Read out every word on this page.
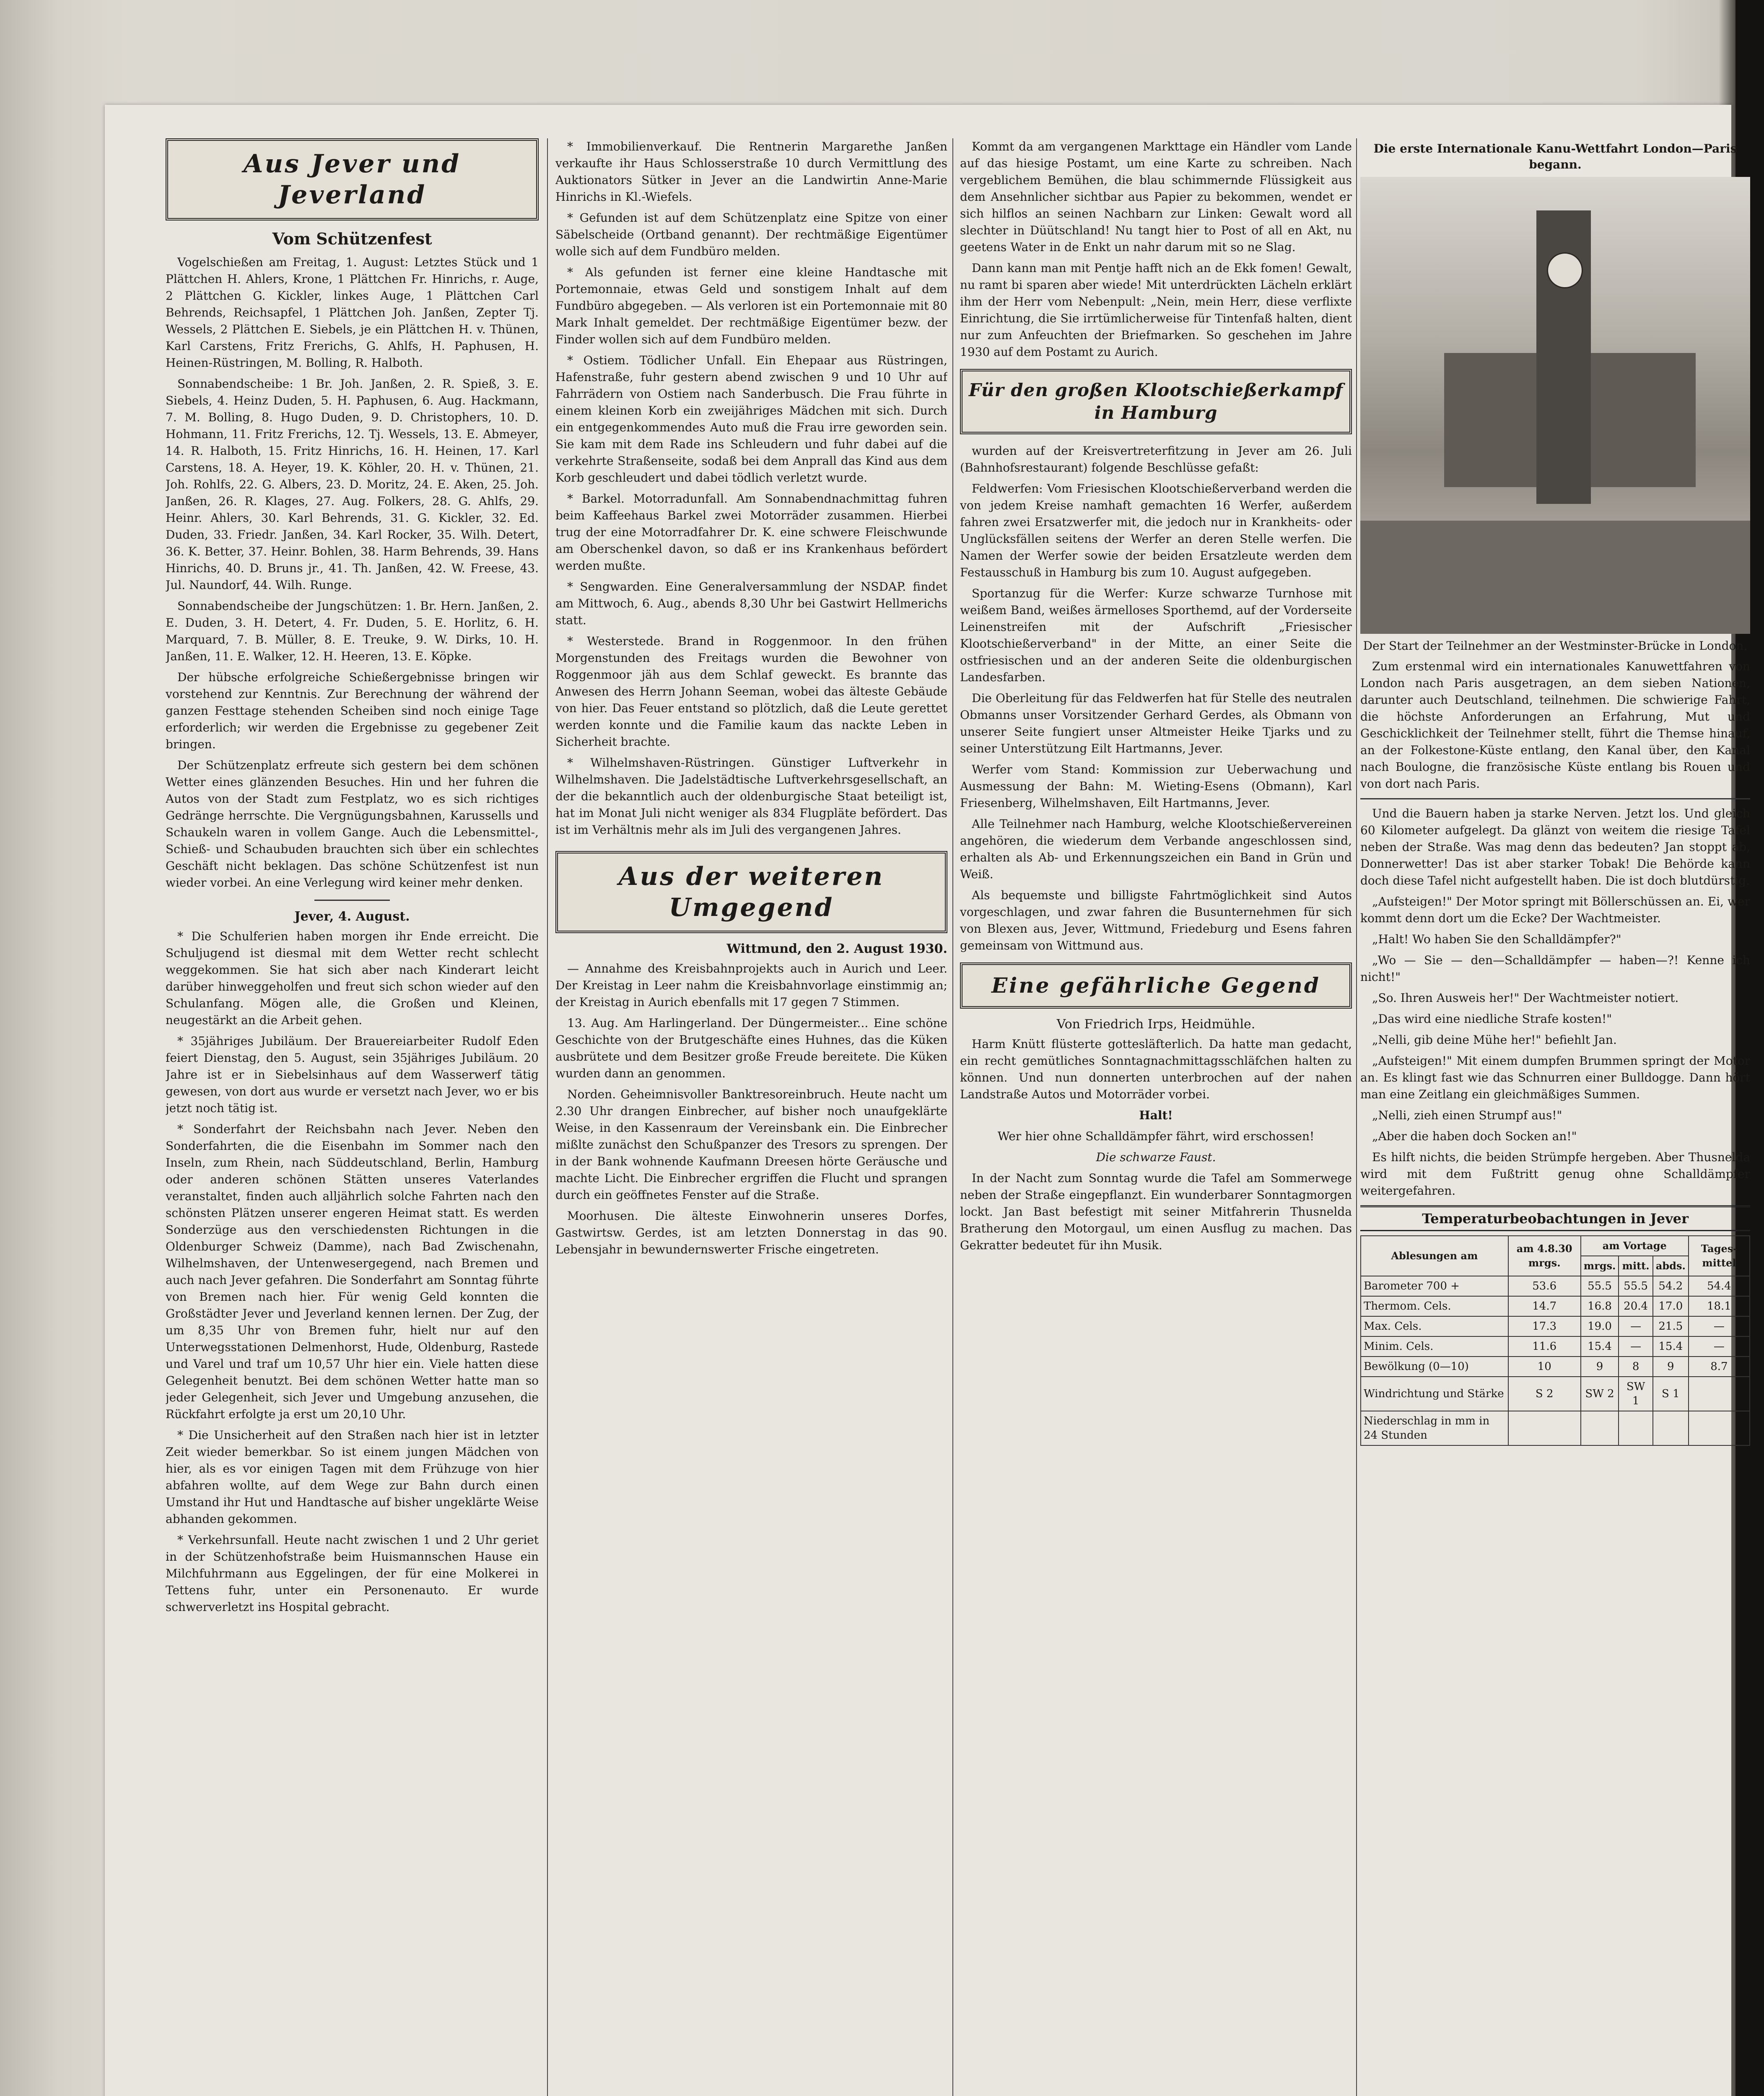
Aus Jever und Jeverland
Vom Schützenfest

Vogelschießen am Freitag, 1. August: Letztes Stück und 1 Plättchen H. Ahlers, Krone, 1 Plättchen Fr. Hinrichs, r. Auge, 2 Plättchen G. Kickler, linkes Auge, 1 Plättchen Carl Behrends, Reichsapfel, 1 Plättchen Joh. Janßen, Zepter Tj. Wessels, 2 Plättchen E. Siebels, je ein Plättchen H. v. Thünen, Karl Carstens, Fritz Frerichs, G. Ahlfs, H. Paphusen, H. Heinen-Rüstringen, M. Bolling, R. Halboth.

Sonnabendscheibe: 1 Br. Joh. Janßen, 2. R. Spieß, 3. E. Siebels, 4. Heinz Duden, 5. H. Paphusen, 6. Aug. Hackmann, 7. M. Bolling, 8. Hugo Duden, 9. D. Christophers, 10. D. Hohmann, 11. Fritz Frerichs, 12. Tj. Wessels, 13. E. Abmeyer, 14. R. Halboth, 15. Fritz Hinrichs, 16. H. Heinen, 17. Karl Carstens, 18. A. Heyer, 19. K. Köhler, 20. H. v. Thünen, 21. Joh. Rohlfs, 22. G. Albers, 23. D. Moritz, 24. E. Aken, 25. Joh. Janßen, 26. R. Klages, 27. Aug. Folkers, 28. G. Ahlfs, 29. Heinr. Ahlers, 30. Karl Behrends, 31. G. Kickler, 32. Ed. Duden, 33. Friedr. Janßen, 34. Karl Rocker, 35. Wilh. Detert, 36. K. Better, 37. Heinr. Bohlen, 38. Harm Behrends, 39. Hans Hinrichs, 40. D. Bruns jr., 41. Th. Janßen, 42. W. Freese, 43. Jul. Naundorf, 44. Wilh. Runge.

Sonnabendscheibe der Jungschützen: 1. Br. Hern. Janßen, 2. E. Duden, 3. H. Detert, 4. Fr. Duden, 5. E. Horlitz, 6. H. Marquard, 7. B. Müller, 8. E. Treuke, 9. W. Dirks, 10. H. Janßen, 11. E. Walker, 12. H. Heeren, 13. E. Köpke.

Der hübsche erfolgreiche Schießergebnisse bringen wir vorstehend zur Kenntnis. Zur Berechnung der während der ganzen Festtage stehenden Scheiben sind noch einige Tage erforderlich; wir werden die Ergebnisse zu gegebener Zeit bringen.

Der Schützenplatz erfreute sich gestern bei dem schönen Wetter eines glänzenden Besuches. Hin und her fuhren die Autos von der Stadt zum Festplatz, wo es sich richtiges Gedränge herrschte. Die Vergnügungsbahnen, Karussells und Schaukeln waren in vollem Gange. Auch die Lebensmittel-, Schieß- und Schaubuden brauchten sich über ein schlechtes Geschäft nicht beklagen. Das schöne Schützenfest ist nun wieder vorbei. An eine Verlegung wird keiner mehr denken.

Jever, 4. August.

* Die Schulferien haben morgen ihr Ende erreicht. Die Schuljugend ist diesmal mit dem Wetter recht schlecht weggekommen. Sie hat sich aber nach Kinderart leicht darüber hinweggeholfen und freut sich schon wieder auf den Schulanfang. Mögen alle, die Großen und Kleinen, neugestärkt an die Arbeit gehen.

* 35jähriges Jubiläum. Der Brauereiarbeiter Rudolf Eden feiert Dienstag, den 5. August, sein 35jähriges Jubiläum. 20 Jahre ist er in Siebelsinhaus auf dem Wasserwerf tätig gewesen, von dort aus wurde er versetzt nach Jever, wo er bis jetzt noch tätig ist.

* Sonderfahrt der Reichsbahn nach Jever. Neben den Sonderfahrten, die die Eisenbahn im Sommer nach den Inseln, zum Rhein, nach Süddeutschland, Berlin, Hamburg oder anderen schönen Stätten unseres Vaterlandes veranstaltet, finden auch alljährlich solche Fahrten nach den schönsten Plätzen unserer engeren Heimat statt. Es werden Sonderzüge aus den verschiedensten Richtungen in die Oldenburger Schweiz (Damme), nach Bad Zwischenahn, Wilhelmshaven, der Untenwesergegend, nach Bremen und auch nach Jever gefahren. Die Sonderfahrt am Sonntag führte von Bremen nach hier. Für wenig Geld konnten die Großstädter Jever und Jeverland kennen lernen. Der Zug, der um 8,35 Uhr von Bremen fuhr, hielt nur auf den Unterwegsstationen Delmenhorst, Hude, Oldenburg, Rastede und Varel und traf um 10,57 Uhr hier ein. Viele hatten diese Gelegenheit benutzt. Bei dem schönen Wetter hatte man so jeder Gelegenheit, sich Jever und Umgebung anzusehen, die Rückfahrt erfolgte ja erst um 20,10 Uhr.

* Die Unsicherheit auf den Straßen nach hier ist in letzter Zeit wieder bemerkbar. So ist einem jungen Mädchen von hier, als es vor einigen Tagen mit dem Frühzuge von hier abfahren wollte, auf dem Wege zur Bahn durch einen Umstand ihr Hut und Handtasche auf bisher ungeklärte Weise abhanden gekommen.

* Verkehrsunfall. Heute nacht zwischen 1 und 2 Uhr geriet in der Schützenhofstraße beim Huismannschen Hause ein Milchfuhrmann aus Eggelingen, der für eine Molkerei in Tettens fuhr, unter ein Personenauto. Er wurde schwerverletzt ins Hospital gebracht.

* Immobilienverkauf. Die Rentnerin Margarethe Janßen verkaufte ihr Haus Schlosserstraße 10 durch Vermittlung des Auktionators Sütker in Jever an die Landwirtin Anne-Marie Hinrichs in Kl.-Wiefels.

* Gefunden ist auf dem Schützenplatz eine Spitze von einer Säbelscheide (Ortband genannt). Der rechtmäßige Eigentümer wolle sich auf dem Fundbüro melden.

* Als gefunden ist ferner eine kleine Handtasche mit Portemonnaie, etwas Geld und sonstigem Inhalt auf dem Fundbüro abgegeben. — Als verloren ist ein Portemonnaie mit 80 Mark Inhalt gemeldet. Der rechtmäßige Eigentümer bezw. der Finder wollen sich auf dem Fundbüro melden.

* Ostiem. Tödlicher Unfall. Ein Ehepaar aus Rüstringen, Hafenstraße, fuhr gestern abend zwischen 9 und 10 Uhr auf Fahrrädern von Ostiem nach Sanderbusch. Die Frau führte in einem kleinen Korb ein zweijähriges Mädchen mit sich. Durch ein entgegenkommendes Auto muß die Frau irre geworden sein. Sie kam mit dem Rade ins Schleudern und fuhr dabei auf die verkehrte Straßenseite, sodaß bei dem Anprall das Kind aus dem Korb geschleudert und dabei tödlich verletzt wurde.

* Barkel. Motorradunfall. Am Sonnabendnachmittag fuhren beim Kaffeehaus Barkel zwei Motorräder zusammen. Hierbei trug der eine Motorradfahrer Dr. K. eine schwere Fleischwunde am Oberschenkel davon, so daß er ins Krankenhaus befördert werden mußte.

* Sengwarden. Eine Generalversammlung der NSDAP. findet am Mittwoch, 6. Aug., abends 8,30 Uhr bei Gastwirt Hellmerichs statt.

* Westerstede. Brand in Roggenmoor. In den frühen Morgenstunden des Freitags wurden die Bewohner von Roggenmoor jäh aus dem Schlaf geweckt. Es brannte das Anwesen des Herrn Johann Seeman, wobei das älteste Gebäude von hier. Das Feuer entstand so plötzlich, daß die Leute gerettet werden konnte und die Familie kaum das nackte Leben in Sicherheit brachte.

* Wilhelmshaven-Rüstringen. Günstiger Luftverkehr in Wilhelmshaven. Die Jadelstädtische Luftverkehrsgesellschaft, an der die bekanntlich auch der oldenburgische Staat beteiligt ist, hat im Monat Juli nicht weniger als 834 Flugpläte befördert. Das ist im Verhältnis mehr als im Juli des vergangenen Jahres.

Aus der weiteren Umgegend
Wittmund, den 2. August 1930.

— Annahme des Kreisbahnprojekts auch in Aurich und Leer. Der Kreistag in Leer nahm die Kreisbahnvorlage einstimmig an; der Kreistag in Aurich ebenfalls mit 17 gegen 7 Stimmen.

13. Aug. Am Harlingerland. Der Düngermeister... Eine schöne Geschichte von der Brutgeschäfte eines Huhnes, das die Küken ausbrütete und dem Besitzer große Freude bereitete. Die Küken wurden dann an genommen.

Norden. Geheimnisvoller Banktresoreinbruch. Heute nacht um 2.30 Uhr drangen Einbrecher, auf bisher noch unaufgeklärte Weise, in den Kassenraum der Vereinsbank ein. Die Einbrecher mißlte zunächst den Schußpanzer des Tresors zu sprengen. Der in der Bank wohnende Kaufmann Dreesen hörte Geräusche und machte Licht. Die Einbrecher ergriffen die Flucht und sprangen durch ein geöffnetes Fenster auf die Straße.

Moorhusen. Die älteste Einwohnerin unseres Dorfes, Gastwirtsw. Gerdes, ist am letzten Donnerstag in das 90. Lebensjahr in bewundernswerter Frische eingetreten.

Kommt da am vergangenen Markttage ein Händler vom Lande auf das hiesige Postamt, um eine Karte zu schreiben. Nach vergeblichem Bemühen, die blau schimmernde Flüssigkeit aus dem Ansehnlicher sichtbar aus Papier zu bekommen, wendet er sich hilflos an seinen Nachbarn zur Linken: Gewalt word all slechter in Düütschland! Nu tangt hier to Post of all en Akt, nu geetens Water in de Enkt un nahr darum mit so ne Slag.

Dann kann man mit Pentje hafft nich an de Ekk fomen! Gewalt, nu ramt bi sparen aber wiede! Mit unterdrückten Lächeln erklärt ihm der Herr vom Nebenpult: „Nein, mein Herr, diese verflixte Einrichtung, die Sie irrtümlicherweise für Tintenfaß halten, dient nur zum Anfeuchten der Briefmarken. So geschehen im Jahre 1930 auf dem Postamt zu Aurich.

Für den großen Klootschießerkampf in Hamburg

wurden auf der Kreisvertreterfitzung in Jever am 26. Juli (Bahnhofsrestaurant) folgende Beschlüsse gefaßt:

Feldwerfen: Vom Friesischen Klootschießerverband werden die von jedem Kreise namhaft gemachten 16 Werfer, außerdem fahren zwei Ersatzwerfer mit, die jedoch nur in Krankheits- oder Unglücksfällen seitens der Werfer an deren Stelle werfen. Die Namen der Werfer sowie der beiden Ersatzleute werden dem Festausschuß in Hamburg bis zum 10. August aufgegeben.

Sportanzug für die Werfer: Kurze schwarze Turnhose mit weißem Band, weißes ärmelloses Sporthemd, auf der Vorderseite Leinenstreifen mit der Aufschrift „Friesischer Klootschießerverband" in der Mitte, an einer Seite die ostfriesischen und an der anderen Seite die oldenburgischen Landesfarben.

Die Oberleitung für das Feldwerfen hat für Stelle des neutralen Obmanns unser Vorsitzender Gerhard Gerdes, als Obmann von unserer Seite fungiert unser Altmeister Heike Tjarks und zu seiner Unterstützung Eilt Hartmanns, Jever.

Werfer vom Stand: Kommission zur Ueberwachung und Ausmessung der Bahn: M. Wieting-Esens (Obmann), Karl Friesenberg, Wilhelmshaven, Eilt Hartmanns, Jever.

Alle Teilnehmer nach Hamburg, welche Klootschießervereinen angehören, die wiederum dem Verbande angeschlossen sind, erhalten als Ab- und Erkennungszeichen ein Band in Grün und Weiß.

Als bequemste und billigste Fahrtmöglichkeit sind Autos vorgeschlagen, und zwar fahren die Busunternehmen für sich von Blexen aus, Jever, Wittmund, Friedeburg und Esens fahren gemeinsam von Wittmund aus.

Eine gefährliche Gegend
Von Friedrich Irps, Heidmühle.

Harm Knütt flüsterte gottesläfterlich. Da hatte man gedacht, ein recht gemütliches Sonntagnachmittagsschläfchen halten zu können. Und nun donnerten unterbrochen auf der nahen Landstraße Autos und Motorräder vorbei.

Halt!

Wer hier ohne Schalldämpfer fährt, wird erschossen!

Die schwarze Faust.

In der Nacht zum Sonntag wurde die Tafel am Sommerwege neben der Straße eingepflanzt. Ein wunderbarer Sonntagmorgen lockt. Jan Bast befestigt mit seiner Mitfahrerin Thusnelda Bratherung den Motorgaul, um einen Ausflug zu machen. Das Gekratter bedeutet für ihn Musik.

Die erste Internationale Kanu-Wettfahrt London—Paris begann.
Der Start der Teilnehmer an der Westminster-Brücke in London.

Zum erstenmal wird ein internationales Kanuwettfahren von London nach Paris ausgetragen, an dem sieben Nationen, darunter auch Deutschland, teilnehmen. Die schwierige Fahrt, die höchste Anforderungen an Erfahrung, Mut und Geschicklichkeit der Teilnehmer stellt, führt die Themse hinauf, an der Folkestone-Küste entlang, den Kanal über, den Kanal nach Boulogne, die französische Küste entlang bis Rouen und von dort nach Paris.

Und die Bauern haben ja starke Nerven. Jetzt los. Und gleich 60 Kilometer aufgelegt. Da glänzt von weitem die riesige Tafel neben der Straße. Was mag denn das bedeuten? Jan stoppt ab, Donnerwetter! Das ist aber starker Tobak! Die Behörde kann doch diese Tafel nicht aufgestellt haben. Die ist doch blutdürstig.

„Aufsteigen!" Der Motor springt mit Böllerschüssen an. Ei, wer kommt denn dort um die Ecke? Der Wachtmeister.

„Halt! Wo haben Sie den Schalldämpfer?"

„Wo — Sie — den—Schalldämpfer — haben—?! Kenne ich nicht!"

„So. Ihren Ausweis her!" Der Wachtmeister notiert.

„Das wird eine niedliche Strafe kosten!"

„Nelli, gib deine Mühe her!" befiehlt Jan.

„Aufsteigen!" Mit einem dumpfen Brummen springt der Motor an. Es klingt fast wie das Schnurren einer Bulldogge. Dann hört man eine Zeitlang ein gleichmäßiges Summen.

„Nelli, zieh einen Strumpf aus!"

„Aber die haben doch Socken an!"

Es hilft nichts, die beiden Strümpfe hergeben. Aber Thusnelda wird mit dem Fußtritt genug ohne Schalldämpfer weitergefahren.

Temperaturbeobachtungen in Jever
Ablesungen am	am 4.8.30 mrgs.	am Vortage			Tages-mittel
		mrgs.	mitt.	abds.	
Barometer 700 +	53.6	55.5	55.5	54.2	54.4
Thermom. Cels.	14.7	16.8	20.4	17.0	18.1
Max. Cels.	17.3	19.0	—	21.5	—
Minim. Cels.	11.6	15.4	—	15.4	—
Bewölkung (0—10)	10	9	8	9	8.7
Windrichtung und Stärke	S 2	SW 2	SW 1	S 1	
Niederschlag in mm in 24 Stunden					
